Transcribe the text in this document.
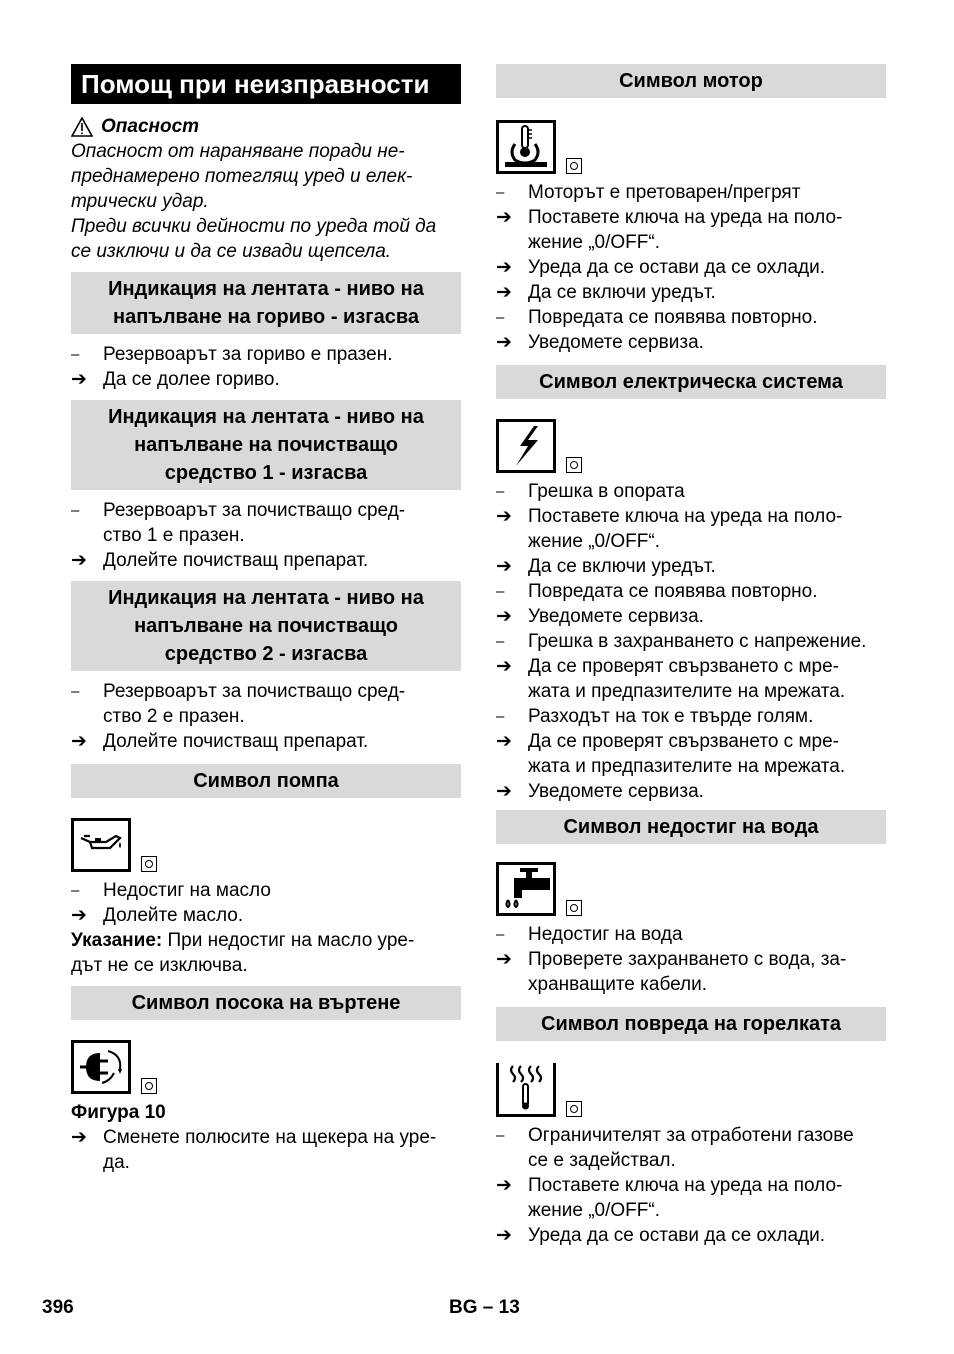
Помощ при неизправности
Опасност
Опасност от нараняване поради не-
преднамерено потеглящ уред и елек-
трически удар.
Преди всички дейности по уреда той да
се изключи и да се извади щепсела.
Индикация на лентата - ниво на
напълване на гориво - изгасва
–	Резервоарът за гориво е празен.
➔ Да се долее гориво.
Индикация на лентата - ниво на
напълване на почистващо
средство 1 - изгасва
–	Резервоарът за почистващо сред-
ство 1 е празен.
➔ Долейте почистващ препарат.
Индикация на лентата - ниво на
напълване на почистващо
средство 2 - изгасва
–	Резервоарът за почистващо сред-
ство 2 е празен.
➔ Долейте почистващ препарат.
Символ помпа
–	Недостиг на масло
➔ Долейте масло.
Указание: При недостиг на масло уре-
дът не се изключва.
Символ посока на въртене
Фигура 10
➔ Сменете полюсите на щекера на уре-
да.
Символ мотор
–	Моторът е претоварен/прегрят
➔ Поставете ключа на уреда на поло-
жение „0/OFF“.
➔ Уреда да се остави да се охлади.
➔ Да се включи уредът.
–	Повредата се появява повторно.
➔ Уведомете сервиза.
Символ електрическа система
–	Грешка в опората
➔ Поставете ключа на уреда на поло-
жение „0/OFF“.
➔ Да се включи уредът.
–	Повредата се появява повторно.
➔ Уведомете сервиза.
–	Грешка в захранването с напрежение.
➔ Да се проверят свързването с мре-
жата и предпазителите на мрежата.
–	Разходът на ток е твърде голям.
➔ Да се проверят свързването с мре-
жата и предпазителите на мрежата.
➔ Уведомете сервиза.
Символ недостиг на вода
–	Недостиг на вода
➔ Проверете захранването с вода, за-
хранващите кабели.
Символ повреда на горелката
–	Ограничителят за отработени газове
се е задействал.
➔ Поставете ключа на уреда на поло-
жение „0/OFF“.
➔ Уреда да се остави да се охлади.
396	BG – 13
